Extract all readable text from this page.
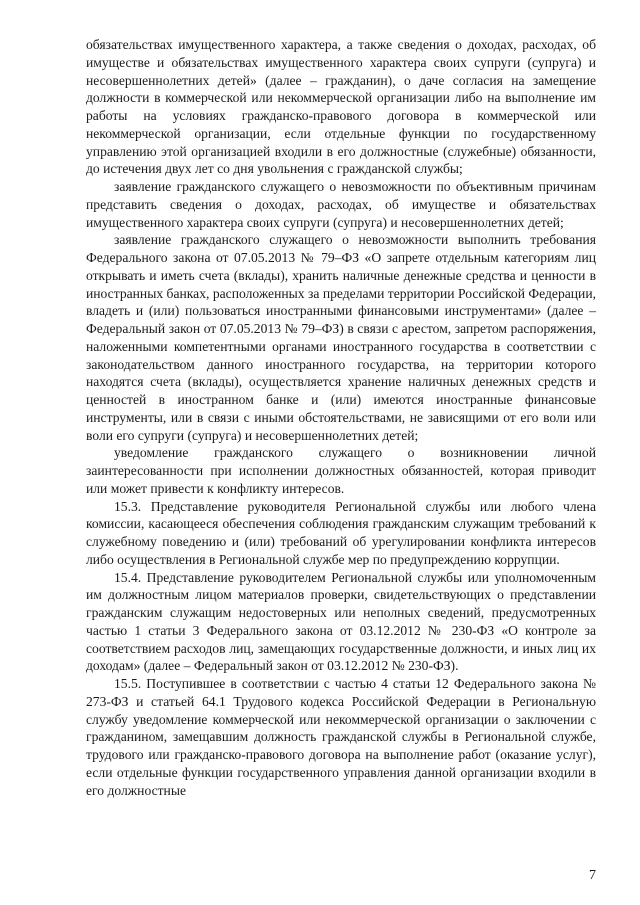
обязательствах имущественного характера, а также сведения о доходах, расходах, об имуществе и обязательствах имущественного характера своих супруги (супруга) и несовершеннолетних детей» (далее – гражданин), о даче согласия на замещение должности в коммерческой или некоммерческой организации либо на выполнение им работы на условиях гражданско-правового договора в коммерческой или некоммерческой организации, если отдельные функции по государственному управлению этой организацией входили в его должностные (служебные) обязанности, до истечения двух лет со дня увольнения с гражданской службы;

заявление гражданского служащего о невозможности по объективным причинам представить сведения о доходах, расходах, об имуществе и обязательствах имущественного характера своих супруги (супруга) и несовершеннолетних детей;

заявление гражданского служащего о невозможности выполнить требования Федерального закона от 07.05.2013 № 79–ФЗ «О запрете отдельным категориям лиц открывать и иметь счета (вклады), хранить наличные денежные средства и ценности в иностранных банках, расположенных за пределами территории Российской Федерации, владеть и (или) пользоваться иностранными финансовыми инструментами» (далее – Федеральный закон от 07.05.2013 № 79–ФЗ) в связи с арестом, запретом распоряжения, наложенными компетентными органами иностранного государства в соответствии с законодательством данного иностранного государства, на территории которого находятся счета (вклады), осуществляется хранение наличных денежных средств и ценностей в иностранном банке и (или) имеются иностранные финансовые инструменты, или в связи с иными обстоятельствами, не зависящими от его воли или воли его супруги (супруга) и несовершеннолетних детей;

уведомление гражданского служащего о возникновении личной заинтересованности при исполнении должностных обязанностей, которая приводит или может привести к конфликту интересов.

15.3. Представление руководителя Региональной службы или любого члена комиссии, касающееся обеспечения соблюдения гражданским служащим требований к служебному поведению и (или) требований об урегулировании конфликта интересов либо осуществления в Региональной службе мер по предупреждению коррупции.

15.4. Представление руководителем Региональной службы или уполномоченным им должностным лицом материалов проверки, свидетельствующих о представлении гражданским служащим недостоверных или неполных сведений, предусмотренных частью 1 статьи 3 Федерального закона от 03.12.2012 № 230-ФЗ «О контроле за соответствием расходов лиц, замещающих государственные должности, и иных лиц их доходам» (далее – Федеральный закон от 03.12.2012 № 230-ФЗ).

15.5. Поступившее в соответствии с частью 4 статьи 12 Федерального закона № 273-ФЗ и статьей 64.1 Трудового кодекса Российской Федерации в Региональную службу уведомление коммерческой или некоммерческой организации о заключении с гражданином, замещавшим должность гражданской службы в Региональной службе, трудового или гражданско-правового договора на выполнение работ (оказание услуг), если отдельные функции государственного управления данной организации входили в его должностные

7
